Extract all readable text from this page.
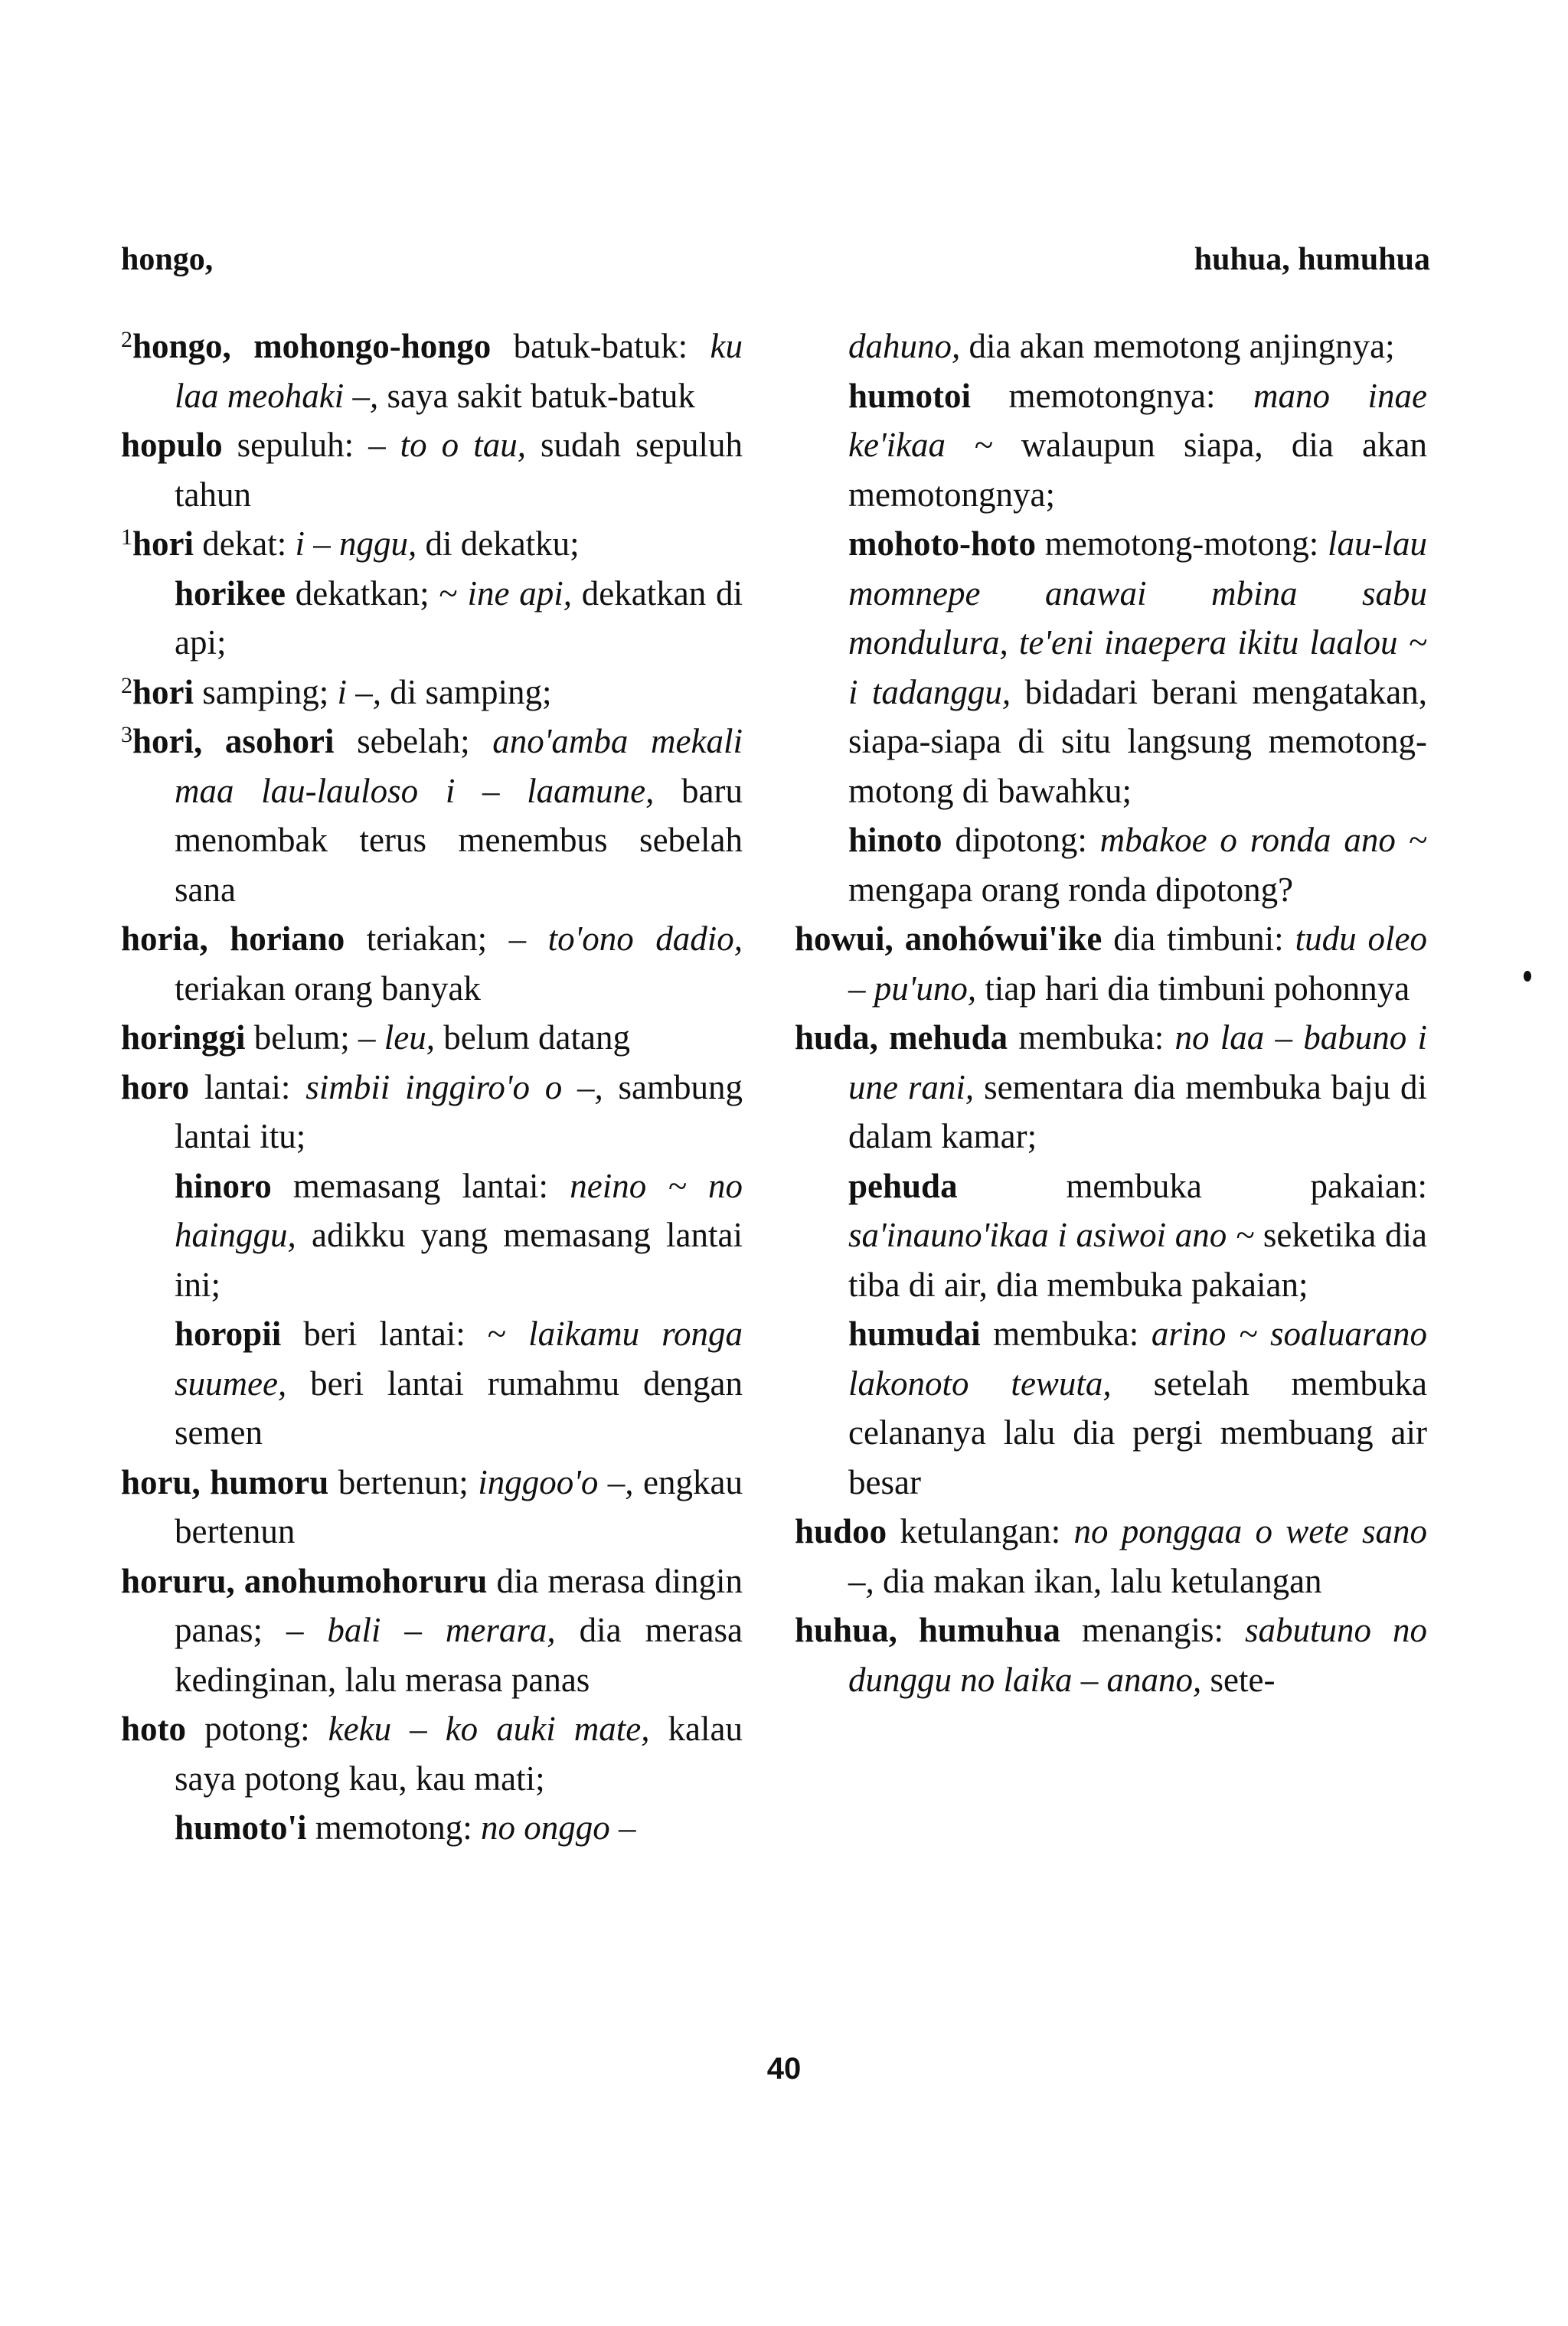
hongo,	huhua, humuhua

$^2$hongo, mohongo-hongo batuk-batuk: ku laa meohaki –, saya sakit batuk-batuk

hopulo sepuluh: – to o tau, sudah sepuluh tahun

$^1$hori dekat: i – nggu, di dekatku;

horikee dekatkan; ~ ine api, dekatkan di api;

$^2$hori samping; i –, di samping;

$^3$hori, asohori sebelah; ano'amba mekali maa lau-lauloso i – laamune, baru menombak terus menembus sebelah sana

horia, horiano teriakan; – to'ono dadio, teriakan orang banyak

horinggi belum; – leu, belum datang

horo lantai: simbii inggiro'o o –, sambung lantai itu;

hinoro memasang lantai: neino ~ no hainggu, adikku yang memasang lantai ini;

horopii beri lantai: ~ laikamu ronga suumee, beri lantai rumahmu dengan semen

horu, humoru bertenun; inggoo'o –, engkau bertenun

horuru, anohumohoruru dia merasa dingin panas; – bali – merara, dia merasa kedinginan, lalu merasa panas

hoto potong: keku – ko auki mate, kalau saya potong kau, kau mati;

humoto'i memotong: no onggo –

dahuno, dia akan memotong anjingnya;

humotoi memotongnya: mano inae ke'ikaa ~ walaupun siapa, dia akan memotongnya;

mohoto-hoto memotong-motong: lau-lau momnepe anawai mbina sabu mondulura, te'eni inaepera ikitu laalou ~ i tadanggu, bidadari berani mengatakan, siapa-siapa di situ langsung memotong-motong di bawahku;

hinoto dipotong: mbakoe o ronda ano ~ mengapa orang ronda dipotong?

howui, anohówui'ike dia timbuni: tudu oleo – pu'uno, tiap hari dia timbuni pohonnya

huda, mehuda membuka: no laa – babuno i une rani, sementara dia membuka baju di dalam kamar;

pehuda membuka pakaian: sa'inauno'ikaa i asiwoi ano ~ seketika dia tiba di air, dia membuka pakaian;

humudai membuka: arino ~ soaluarano lakonoto tewuta, setelah membuka celananya lalu dia pergi membuang air besar

hudoo ketulangan: no ponggaa o wete sano –, dia makan ikan, lalu ketulangan

huhua, humuhua menangis: sabutuno no dunggu no laika – anano, sete-

40
